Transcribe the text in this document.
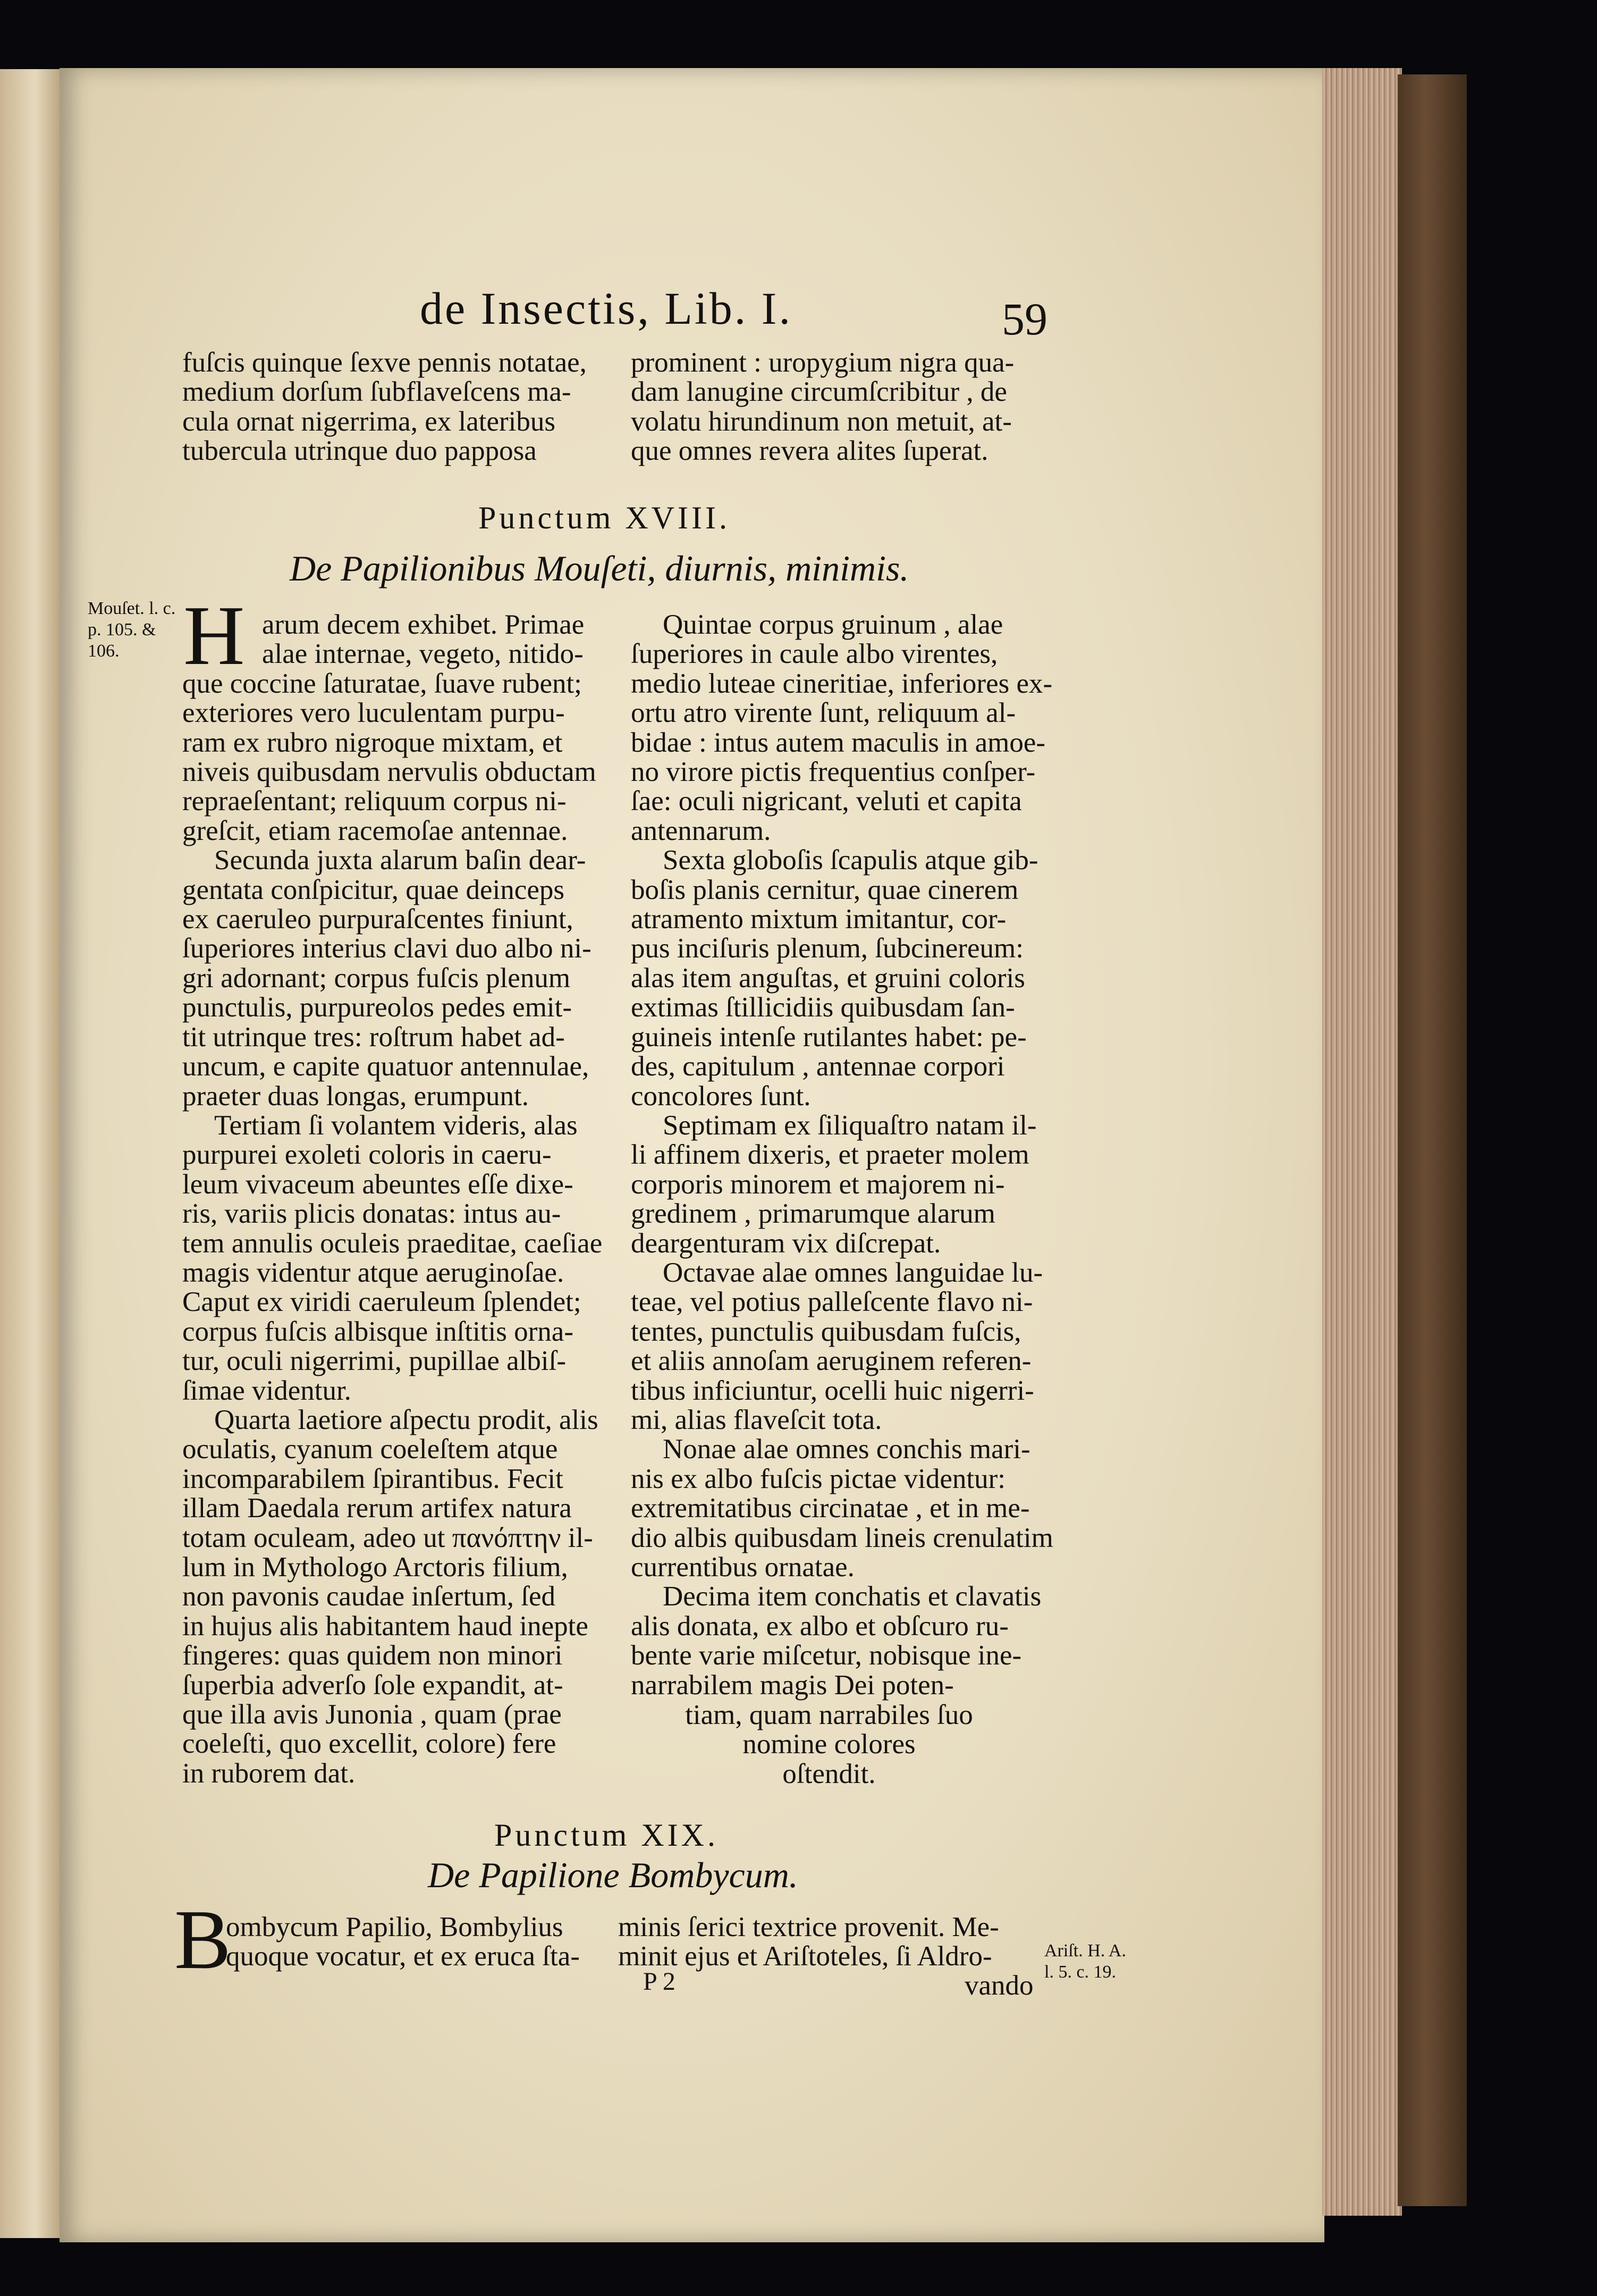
de Insectis, Lib. I.	59

fuſcis quinque ſexve pennis notatae,

medium dorſum ſubflaveſcens ma-

cula ornat nigerrima, ex lateribus

tubercula utrinque duo papposa

prominent : uropygium nigra qua-

dam lanugine circumſcribitur , de

volatu hirundinum non metuit, at-

que omnes revera alites ſuperat.

Punctum XVIII.
De Papilionibus Mouſeti, diurnis, minimis.

Mouſet. l. c.

p. 105. &

106. H arum decem exhibet. Primae

alae internae, vegeto, nitido-

que coccine ſaturatae, ſuave rubent;

exteriores vero luculentam purpu-

ram ex rubro nigroque mixtam, et

niveis quibusdam nervulis obductam

repraeſentant; reliquum corpus ni-

greſcit, etiam racemoſae antennae.

Secunda juxta alarum baſin dear-

gentata conſpicitur, quae deinceps

ex caeruleo purpuraſcentes finiunt,

ſuperiores interius clavi duo albo ni-

gri adornant; corpus fuſcis plenum

punctulis, purpureolos pedes emit-

tit utrinque tres: roſtrum habet ad-

uncum, e capite quatuor antennulae,

praeter duas longas, erumpunt.

Tertiam ſi volantem videris, alas

purpurei exoleti coloris in caeru-

leum vivaceum abeuntes eſſe dixe-

ris, variis plicis donatas: intus au-

tem annulis oculeis praeditae, caeſiae

magis videntur atque aeruginoſae.

Caput ex viridi caeruleum ſplendet;

corpus fuſcis albisque inſtitis orna-

tur, oculi nigerrimi, pupillae albiſ-

ſimae videntur.

Quarta laetiore aſpectu prodit, alis

oculatis, cyanum coeleſtem atque

incomparabilem ſpirantibus. Fecit

illam Daedala rerum artifex natura

totam oculeam, adeo ut πανόπτην il-

lum in Mythologo Arctoris filium,

non pavonis caudae inſertum, ſed

in hujus alis habitantem haud inepte

fingeres: quas quidem non minori

ſuperbia adverſo ſole expandit, at-

que illa avis Junonia , quam (prae

coeleſti, quo excellit, colore) fere

in ruborem dat.

Quintae corpus gruinum , alae

ſuperiores in caule albo virentes,

medio luteae cineritiae, inferiores ex-

ortu atro virente ſunt, reliquum al-

bidae : intus autem maculis in amoe-

no virore pictis frequentius conſper-

ſae: oculi nigricant, veluti et capita

antennarum.

Sexta globoſis ſcapulis atque gib-

boſis planis cernitur, quae cinerem

atramento mixtum imitantur, cor-

pus inciſuris plenum, ſubcinereum:

alas item anguſtas, et gruini coloris

extimas ſtillicidiis quibusdam ſan-

guineis intenſe rutilantes habet: pe-

des, capitulum , antennae corpori

concolores ſunt.

Septimam ex ſiliquaſtro natam il-

li affinem dixeris, et praeter molem

corporis minorem et majorem ni-

gredinem , primarumque alarum

deargenturam vix diſcrepat.

Octavae alae omnes languidae lu-

teae, vel potius palleſcente flavo ni-

tentes, punctulis quibusdam fuſcis,

et aliis annoſam aeruginem referen-

tibus inficiuntur, ocelli huic nigerri-

mi, alias flaveſcit tota.

Nonae alae omnes conchis mari-

nis ex albo fuſcis pictae videntur:

extremitatibus circinatae , et in me-

dio albis quibusdam lineis crenulatim

currentibus ornatae.

Decima item conchatis et clavatis

alis donata, ex albo et obſcuro ru-

bente varie miſcetur, nobisque ine-

narrabilem magis Dei poten-

tiam, quam narrabiles ſuo

nomine colores

oſtendit.

Punctum XIX.
De Papilione Bombycum.
B

ombycum Papilio, Bombylius

quoque vocatur, et ex eruca ſta-

minis ſerici textrice provenit. Me-

minit ejus et Ariſtoteles, ſi Aldro-

vando
P 2

Ariſt. H. A.

l. 5. c. 19.
